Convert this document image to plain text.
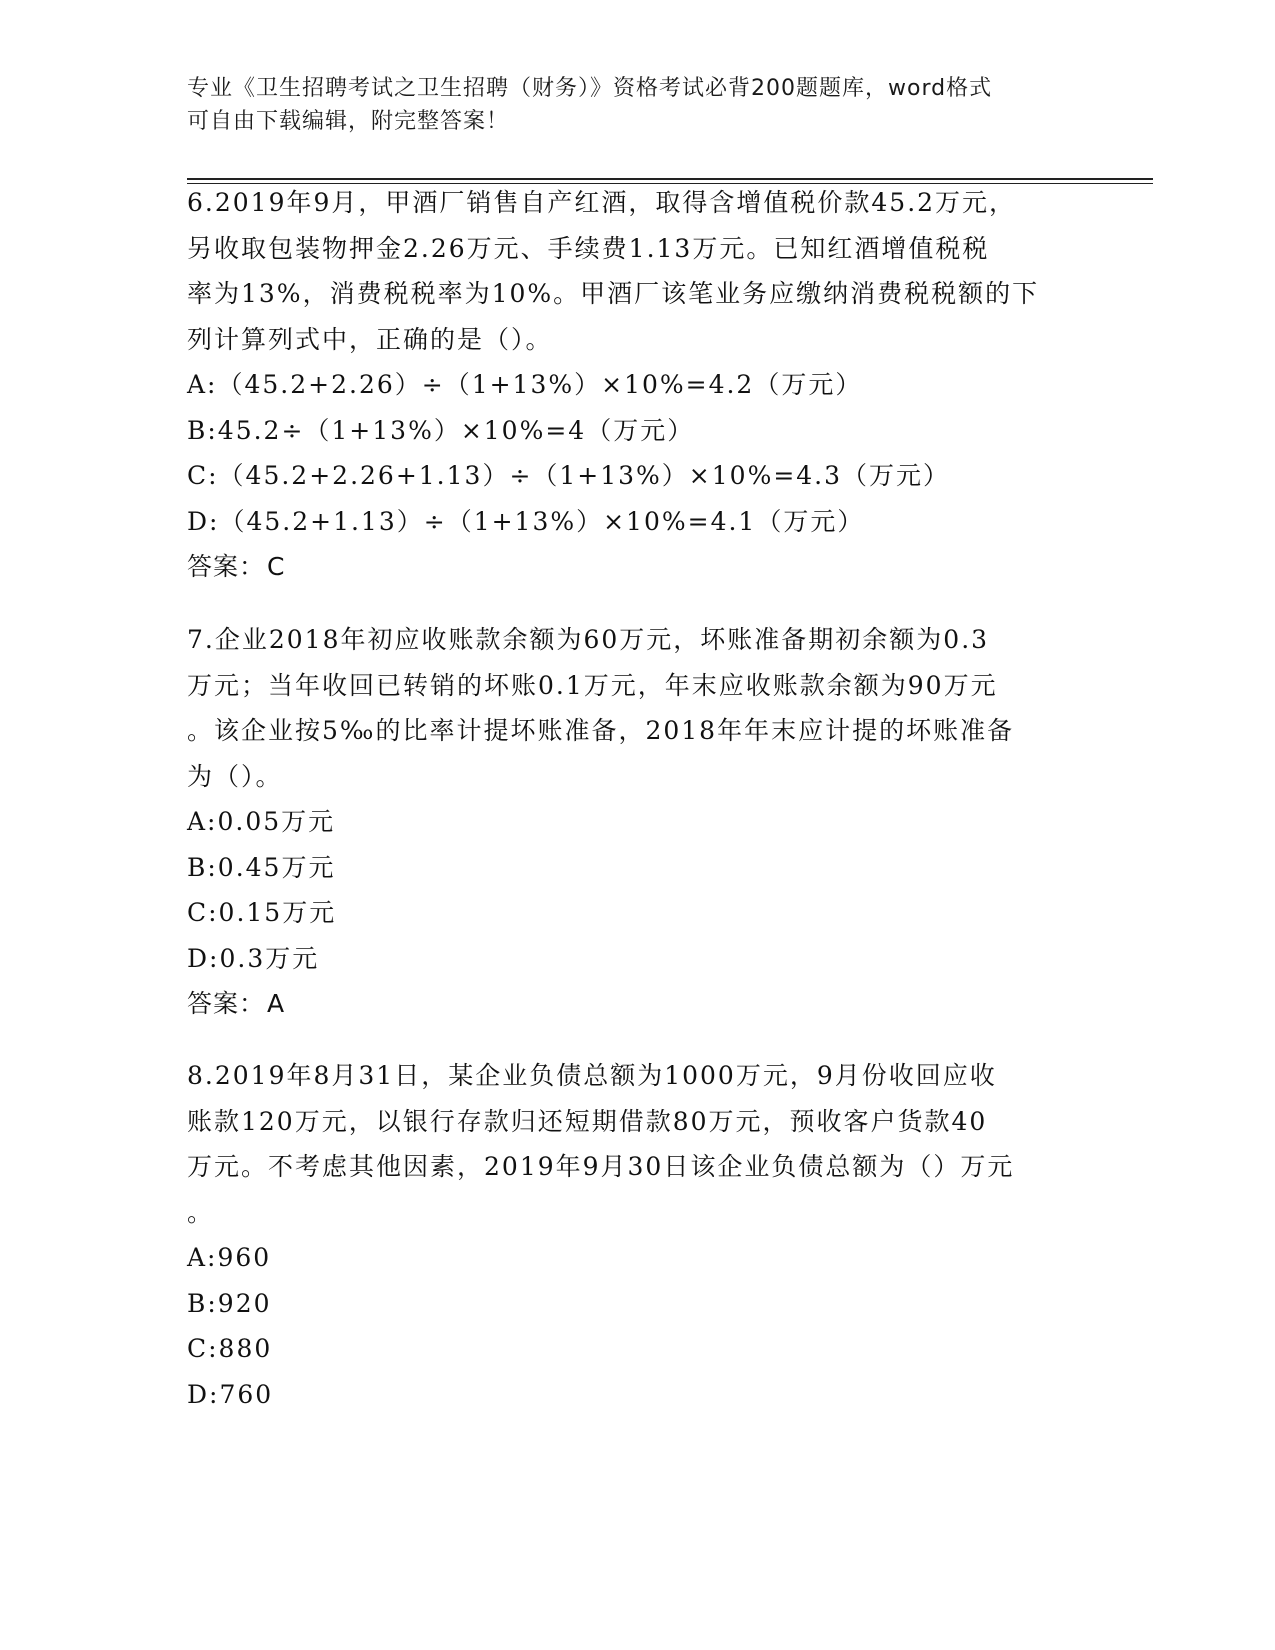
专业《卫生招聘考试之卫生招聘（财务）》资格考试必背200题题库，word格式
可自由下载编辑，附完整答案！
6.2019年9月，甲酒厂销售自产红酒，取得含增值税价款45.2万元，
另收取包装物押金2.26万元、手续费1.13万元。已知红酒增值税税
率为13%，消费税税率为10%。甲酒厂该笔业务应缴纳消费税税额的下
列计算列式中，正确的是（）。
A:（45.2+2.26）÷（1+13%）×10%=4.2（万元）
B:45.2÷（1+13%）×10%=4（万元）
C:（45.2+2.26+1.13）÷（1+13%）×10%=4.3（万元）
D:（45.2+1.13）÷（1+13%）×10%=4.1（万元）
答案：C
7.企业2018年初应收账款余额为60万元，坏账准备期初余额为0.3
万元；当年收回已转销的坏账0.1万元，年末应收账款余额为90万元
。该企业按5‰的比率计提坏账准备，2018年年末应计提的坏账准备
为（）。
A:0.05万元
B:0.45万元
C:0.15万元
D:0.3万元
答案：A
8.2019年8月31日，某企业负债总额为1000万元，9月份收回应收
账款120万元，以银行存款归还短期借款80万元，预收客户货款40
万元。不考虑其他因素，2019年9月30日该企业负债总额为（）万元
。
A:960
B:920
C:880
D:760
